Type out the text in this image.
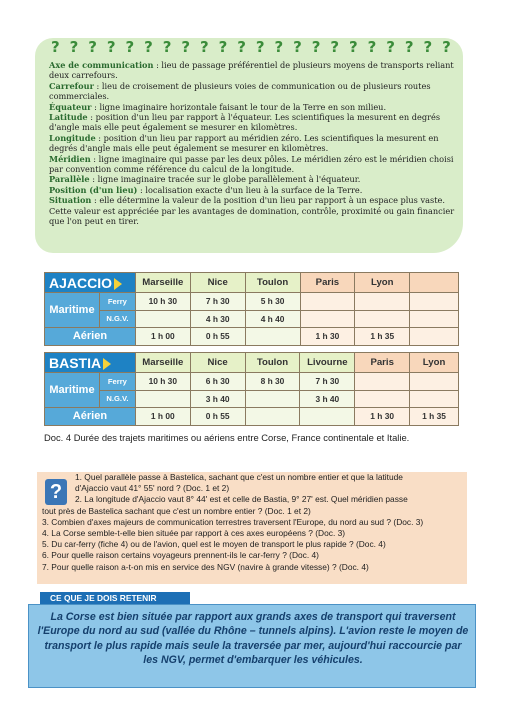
? ? ? ? ? ? ? ? ? ? ? ? ? ? ? ? ? ? ? ? ? ?

Axe de communication : lieu de passage préférentiel de plusieurs moyens de transports reliant deux carrefours.

Carrefour : lieu de croisement de plusieurs voies de communication ou de plusieurs routes commerciales.

Équateur : ligne imaginaire horizontale faisant le tour de la Terre en son milieu.

Latitude : position d'un lieu par rapport à l'équateur. Les scientifiques la mesurent en degrés d'angle mais elle peut également se mesurer en kilomètres.

Longitude : position d'un lieu par rapport au méridien zéro. Les scientifiques la mesurent en degrés d'angle mais elle peut également se mesurer en kilomètres.

Méridien : ligne imaginaire qui passe par les deux pôles. Le méridien zéro est le méridien choisi par convention comme référence du calcul de la longitude.

Parallèle : ligne imaginaire tracée sur le globe parallèlement à l'équateur.

Position (d'un lieu) : localisation exacte d'un lieu à la surface de la Terre.

Situation : elle détermine la valeur de la position d'un lieu par rapport à un espace plus vaste. Cette valeur est appréciée par les avantages de domination, contrôle, proximité ou gain financier que l'on peut en tirer.

AJACCIO		Marseille	Nice	Toulon	Paris	Lyon	
Maritime	Ferry	10 h 30	7 h 30	5 h 30			
	N.G.V.		4 h 30	4 h 40			
Aérien		1 h 00	0 h 55		1 h 30	1 h 35	
BASTIA		Marseille	Nice	Toulon	Livourne	Paris	Lyon
Maritime	Ferry	10 h 30	6 h 30	8 h 30	7 h 30		
	N.G.V.		3 h 40		3 h 40		
Aérien		1 h 00	0 h 55			1 h 30	1 h 35
Doc. 4 Durée des trajets maritimes ou aériens entre Corse, France continentale et Italie.
?

1. Quel parallèle passe à Bastelica, sachant que c'est un nombre entier et que la latitude

d'Ajaccio vaut 41° 55' nord ? (Doc. 1 et 2)

2. La longitude d'Ajaccio vaut 8° 44' est et celle de Bastia, 9° 27' est. Quel méridien passe

tout près de Bastelica sachant que c'est un nombre entier ? (Doc. 1 et 2)

3. Combien d'axes majeurs de communication terrestres traversent l'Europe, du nord au sud ? (Doc. 3)

4. La Corse semble-t-elle bien située par rapport à ces axes européens ? (Doc. 3)

5. Du car-ferry (fiche 4) ou de l'avion, quel est le moyen de transport le plus rapide ? (Doc. 4)

6. Pour quelle raison certains voyageurs prennent-ils le car-ferry ? (Doc. 4)

7. Pour quelle raison a-t-on mis en service des NGV (navire à grande vitesse) ? (Doc. 4)

CE QUE JE DOIS RETENIR

La Corse est bien située par rapport aux grands axes de transport qui traversent l'Europe du nord au sud (vallée du Rhône – tunnels alpins). L'avion reste le moyen de transport le plus rapide mais seule la traversée par mer, aujourd'hui raccourcie par les NGV, permet d'embarquer les véhicules.
